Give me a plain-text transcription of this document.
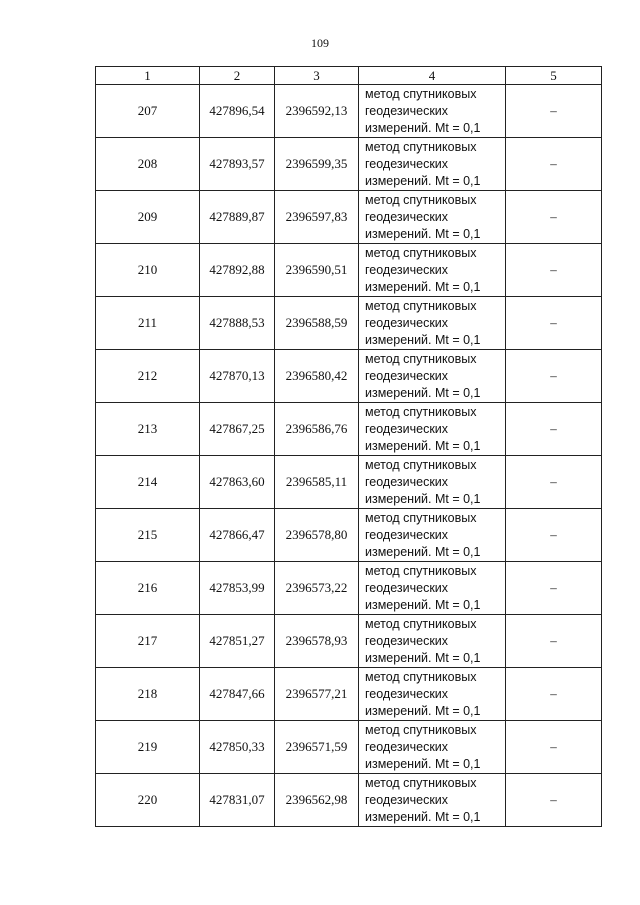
109
1	2	3	4	5
207	427896,54	2396592,13	метод спутниковых
геодезических
измерений. Mt = 0,1	–
208	427893,57	2396599,35	метод спутниковых
геодезических
измерений. Mt = 0,1	–
209	427889,87	2396597,83	метод спутниковых
геодезических
измерений. Mt = 0,1	–
210	427892,88	2396590,51	метод спутниковых
геодезических
измерений. Mt = 0,1	–
211	427888,53	2396588,59	метод спутниковых
геодезических
измерений. Mt = 0,1	–
212	427870,13	2396580,42	метод спутниковых
геодезических
измерений. Mt = 0,1	–
213	427867,25	2396586,76	метод спутниковых
геодезических
измерений. Mt = 0,1	–
214	427863,60	2396585,11	метод спутниковых
геодезических
измерений. Mt = 0,1	–
215	427866,47	2396578,80	метод спутниковых
геодезических
измерений. Mt = 0,1	–
216	427853,99	2396573,22	метод спутниковых
геодезических
измерений. Mt = 0,1	–
217	427851,27	2396578,93	метод спутниковых
геодезических
измерений. Mt = 0,1	–
218	427847,66	2396577,21	метод спутниковых
геодезических
измерений. Mt = 0,1	–
219	427850,33	2396571,59	метод спутниковых
геодезических
измерений. Mt = 0,1	–
220	427831,07	2396562,98	метод спутниковых
геодезических
измерений. Mt = 0,1	–
